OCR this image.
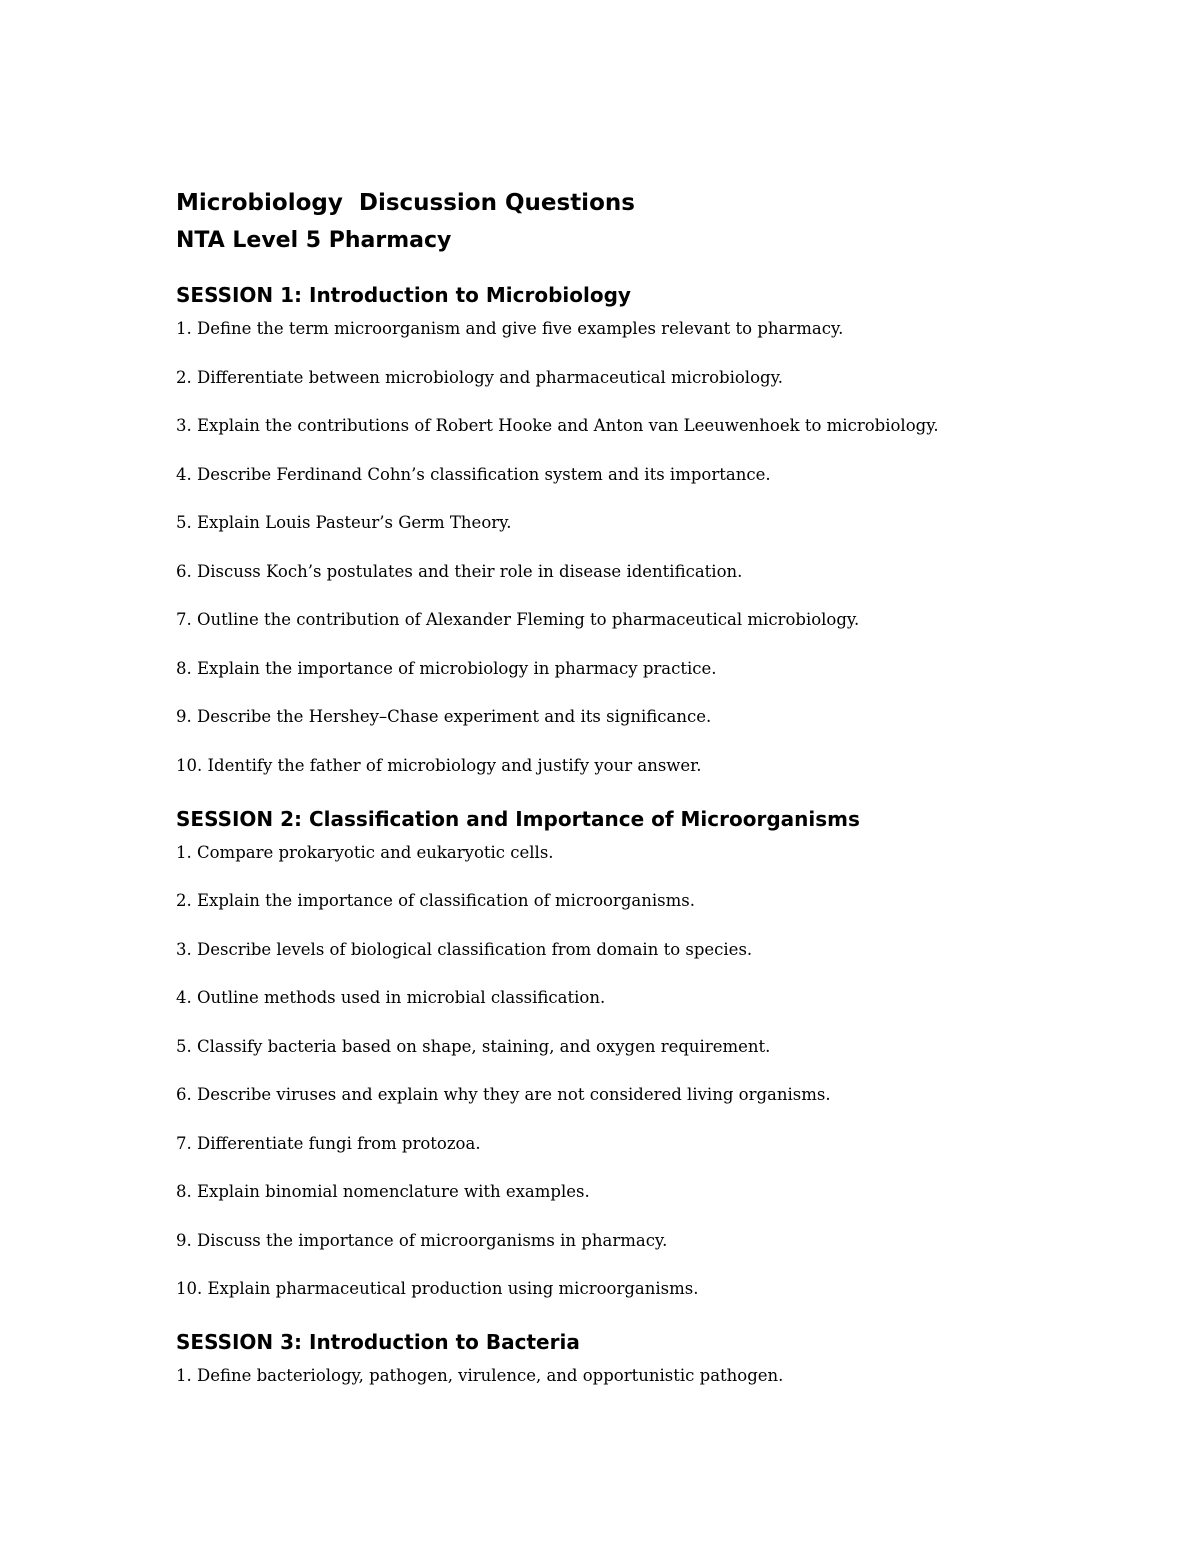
Microbiology  Discussion Questions
NTA Level 5 Pharmacy
SESSION 1: Introduction to Microbiology

1. Define the term microorganism and give five examples relevant to pharmacy.

2. Differentiate between microbiology and pharmaceutical microbiology.

3. Explain the contributions of Robert Hooke and Anton van Leeuwenhoek to microbiology.

4. Describe Ferdinand Cohn’s classification system and its importance.

5. Explain Louis Pasteur’s Germ Theory.

6. Discuss Koch’s postulates and their role in disease identification.

7. Outline the contribution of Alexander Fleming to pharmaceutical microbiology.

8. Explain the importance of microbiology in pharmacy practice.

9. Describe the Hershey–Chase experiment and its significance.

10. Identify the father of microbiology and justify your answer.

SESSION 2: Classification and Importance of Microorganisms

1. Compare prokaryotic and eukaryotic cells.

2. Explain the importance of classification of microorganisms.

3. Describe levels of biological classification from domain to species.

4. Outline methods used in microbial classification.

5. Classify bacteria based on shape, staining, and oxygen requirement.

6. Describe viruses and explain why they are not considered living organisms.

7. Differentiate fungi from protozoa.

8. Explain binomial nomenclature with examples.

9. Discuss the importance of microorganisms in pharmacy.

10. Explain pharmaceutical production using microorganisms.

SESSION 3: Introduction to Bacteria

1. Define bacteriology, pathogen, virulence, and opportunistic pathogen.
